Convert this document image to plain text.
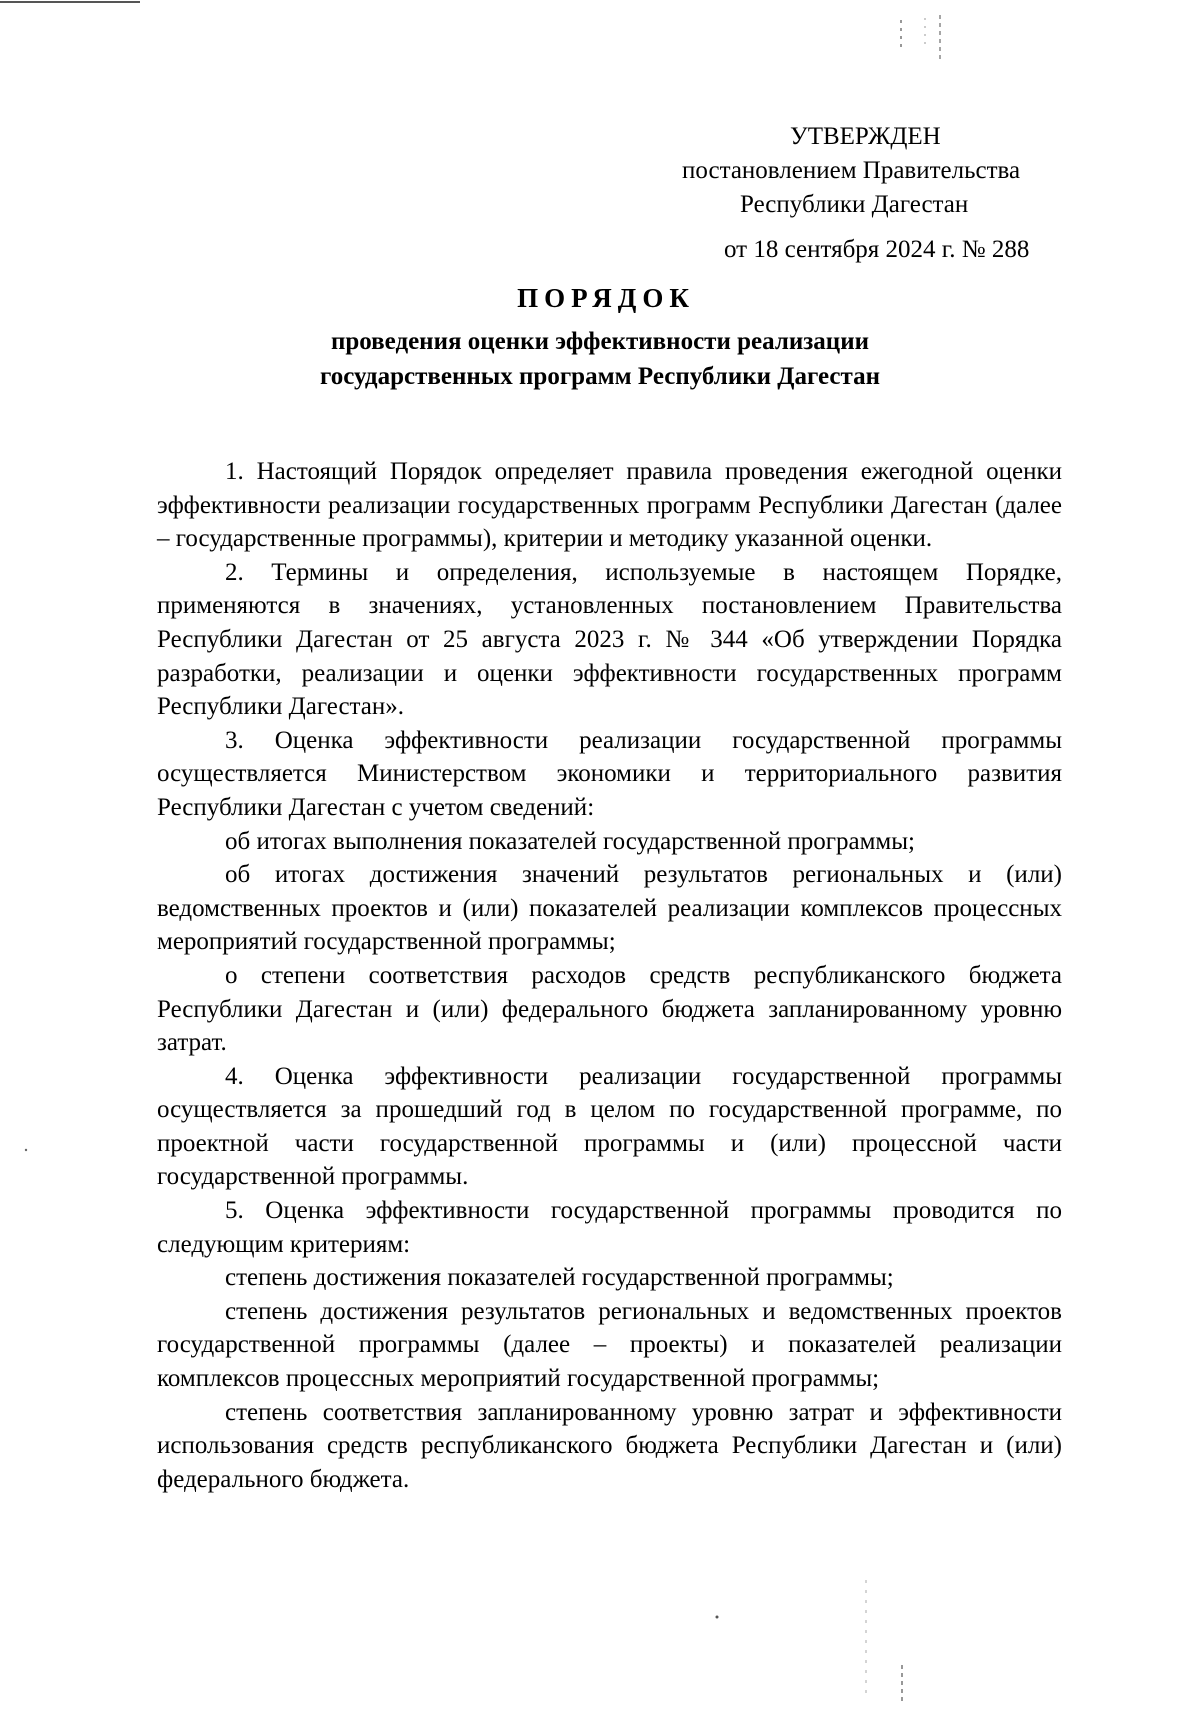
УТВЕРЖДЕН
постановлением Правительства
Республики Дагестан
от 18 сентября 2024 г. № 288
ПОРЯДОК
проведения оценки эффективности реализации
государственных программ Республики Дагестан

1. Настоящий Порядок определяет правила проведения ежегодной оценки эффективности реализации государственных программ Республики Дагестан (далее – государственные программы), критерии и методику указанной оценки.

2. Термины и определения, используемые в настоящем Порядке, применяются в значениях, установленных постановлением Правительства Республики Дагестан от 25 августа 2023 г. № 344 «Об утверждении Порядка разработки, реализации и оценки эффективности государственных программ Республики Дагестан».

3. Оценка эффективности реализации государственной программы осуществляется Министерством экономики и территориального развития Республики Дагестан с учетом сведений:

об итогах выполнения показателей государственной программы;

об итогах достижения значений результатов региональных и (или) ведомственных проектов и (или) показателей реализации комплексов процессных мероприятий государственной программы;

о степени соответствия расходов средств республиканского бюджета Республики Дагестан и (или) федерального бюджета запланированному уровню затрат.

4. Оценка эффективности реализации государственной программы осуществляется за прошедший год в целом по государственной программе, по проектной части государственной программы и (или) процессной части государственной программы.

5. Оценка эффективности государственной программы проводится по следующим критериям:

степень достижения показателей государственной программы;

степень достижения результатов региональных и ведомственных проектов государственной программы (далее – проекты) и показателей реализации комплексов процессных мероприятий государственной программы;

степень соответствия запланированному уровню затрат и эффективности использования средств республиканского бюджета Республики Дагестан и (или) федерального бюджета.
